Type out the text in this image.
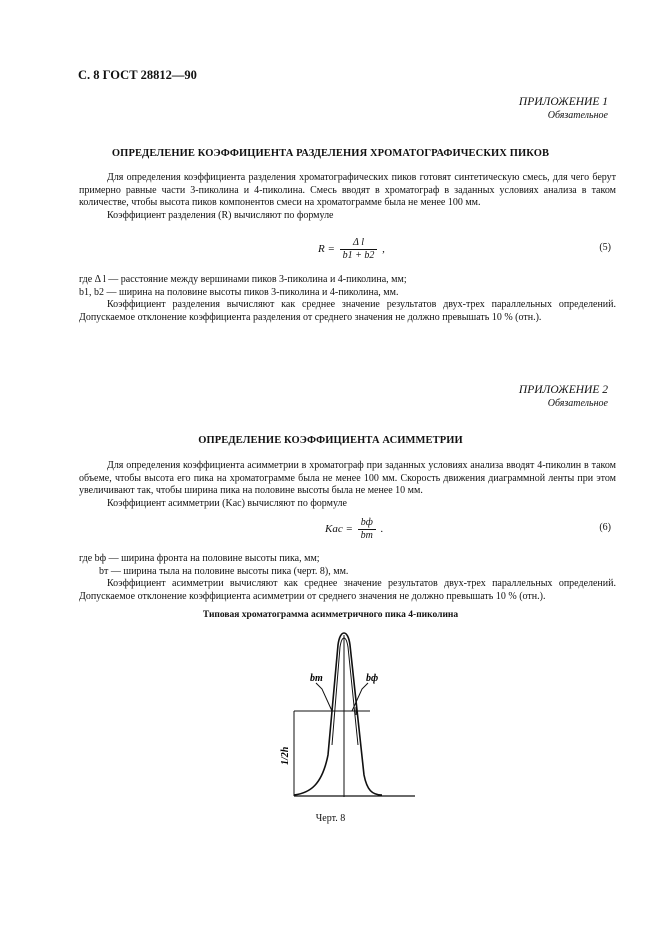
С. 8 ГОСТ 28812—90
ПРИЛОЖЕНИЕ 1
Обязательное
ОПРЕДЕЛЕНИЕ КОЭФФИЦИЕНТА РАЗДЕЛЕНИЯ ХРОМАТОГРАФИЧЕСКИХ ПИКОВ

Для определения коэффициента разделения хроматографических пиков готовят синтетическую смесь, для чего берут примерно равные части 3-пиколина и 4-пиколина. Смесь вводят в хроматограф в заданных условиях анализа в таком количестве, чтобы высота пиков компонентов смеси на хроматограмме была не менее 100 мм.

Коэффициент разделения (R) вычисляют по формуле

$R = \frac{\text{Δ l}}{b1 + b2}$ ,	(5)

где Δ l — расстояние между вершинами пиков 3-пиколина и 4-пиколина, мм;

b1, b2 — ширина на половине высоты пиков 3-пиколина и 4-пиколина, мм.

Коэффициент разделения вычисляют как среднее значение результатов двух-трех параллельных определений. Допускаемое отклонение коэффициента разделения от среднего значения не должно превышать 10 % (отн.).

ПРИЛОЖЕНИЕ 2
Обязательное
ОПРЕДЕЛЕНИЕ КОЭФФИЦИЕНТА АСИММЕТРИИ

Для определения коэффициента асимметрии в хроматограф при заданных условиях анализа вводят 4-пиколин в таком объеме, чтобы высота его пика на хроматограмме была не менее 100 мм. Скорость движения диаграммной ленты при этом увеличивают так, чтобы ширина пика на половине высоты была не менее 10 мм.

Коэффициент асимметрии (Kас) вычисляют по формуле

Kас = $\frac{bф}{bт}$ .	(6)

где bф — ширина фронта на половине высоты пика, мм;

bт — ширина тыла на половине высоты пика (черт. 8), мм.

Коэффициент асимметрии вычисляют как среднее значение результатов двух-трех параллельных определений. Допускаемое отклонение коэффициента асимметрии от среднего значения не должно превышать 10 % (отн.).

Типовая хроматограмма асимметричного пика 4-пиколина
bт	bф
1/2h
Черт. 8
